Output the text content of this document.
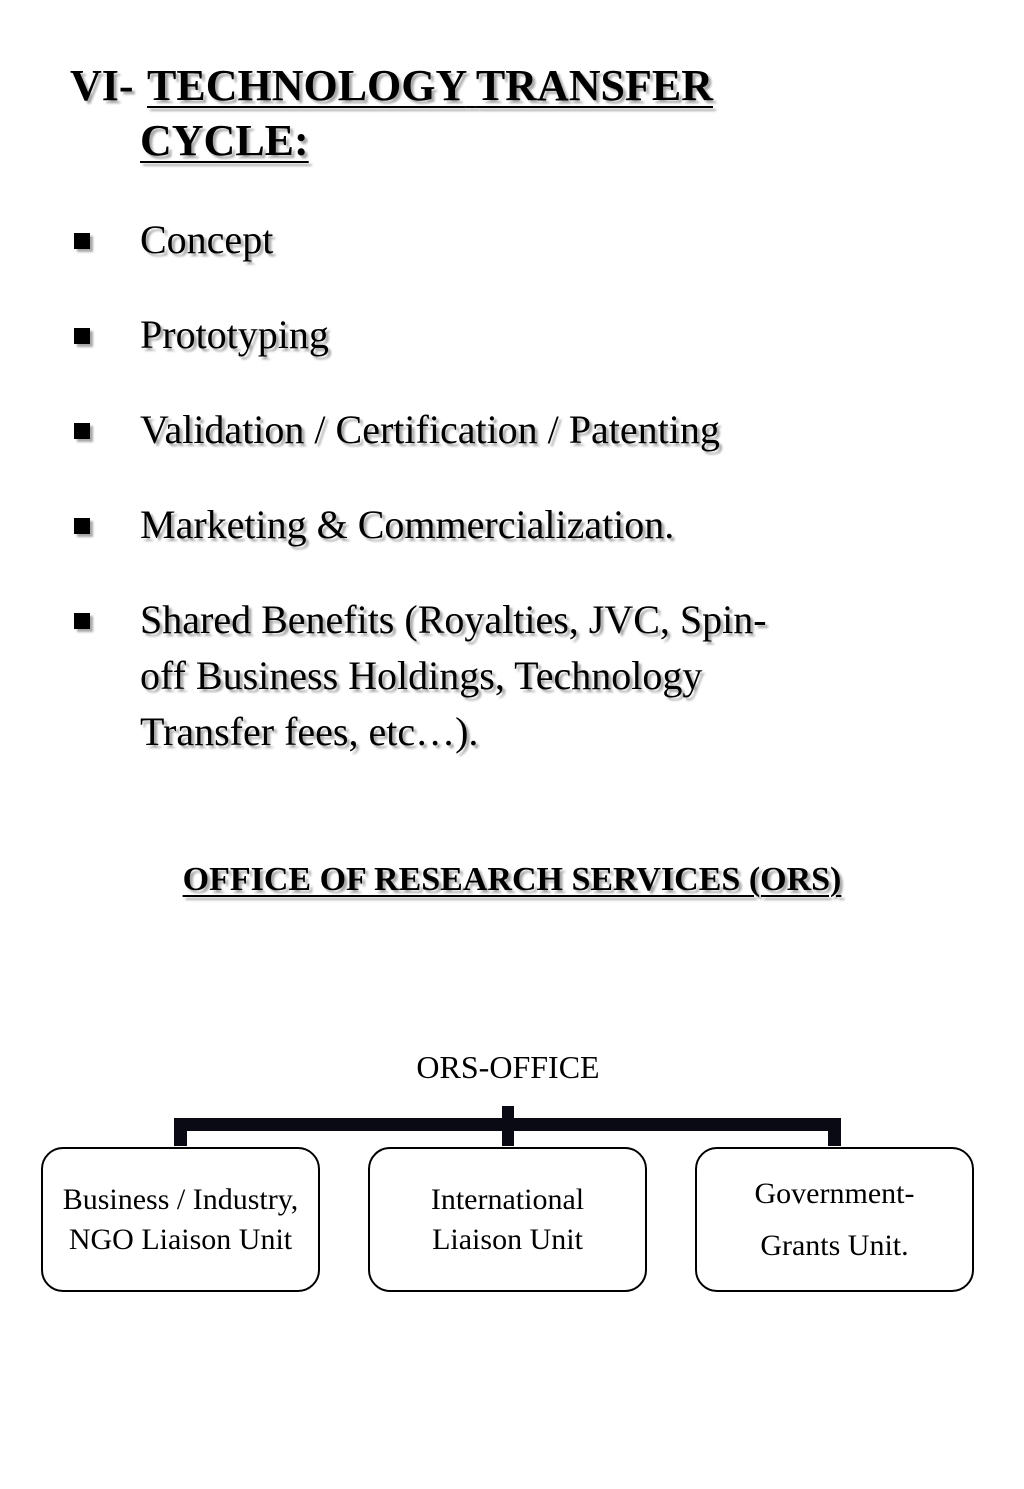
VI- TECHNOLOGY TRANSFER
CYCLE:
Concept
Prototyping
Validation / Certification / Patenting
Marketing & Commercialization.
Shared Benefits (Royalties, JVC, Spin-
off Business Holdings, Technology
Transfer fees, etc…).
OFFICE OF RESEARCH SERVICES (ORS)
ORS-OFFICE
Business / Industry,
NGO Liaison Unit
International
Liaison Unit
Government-
Grants Unit.
